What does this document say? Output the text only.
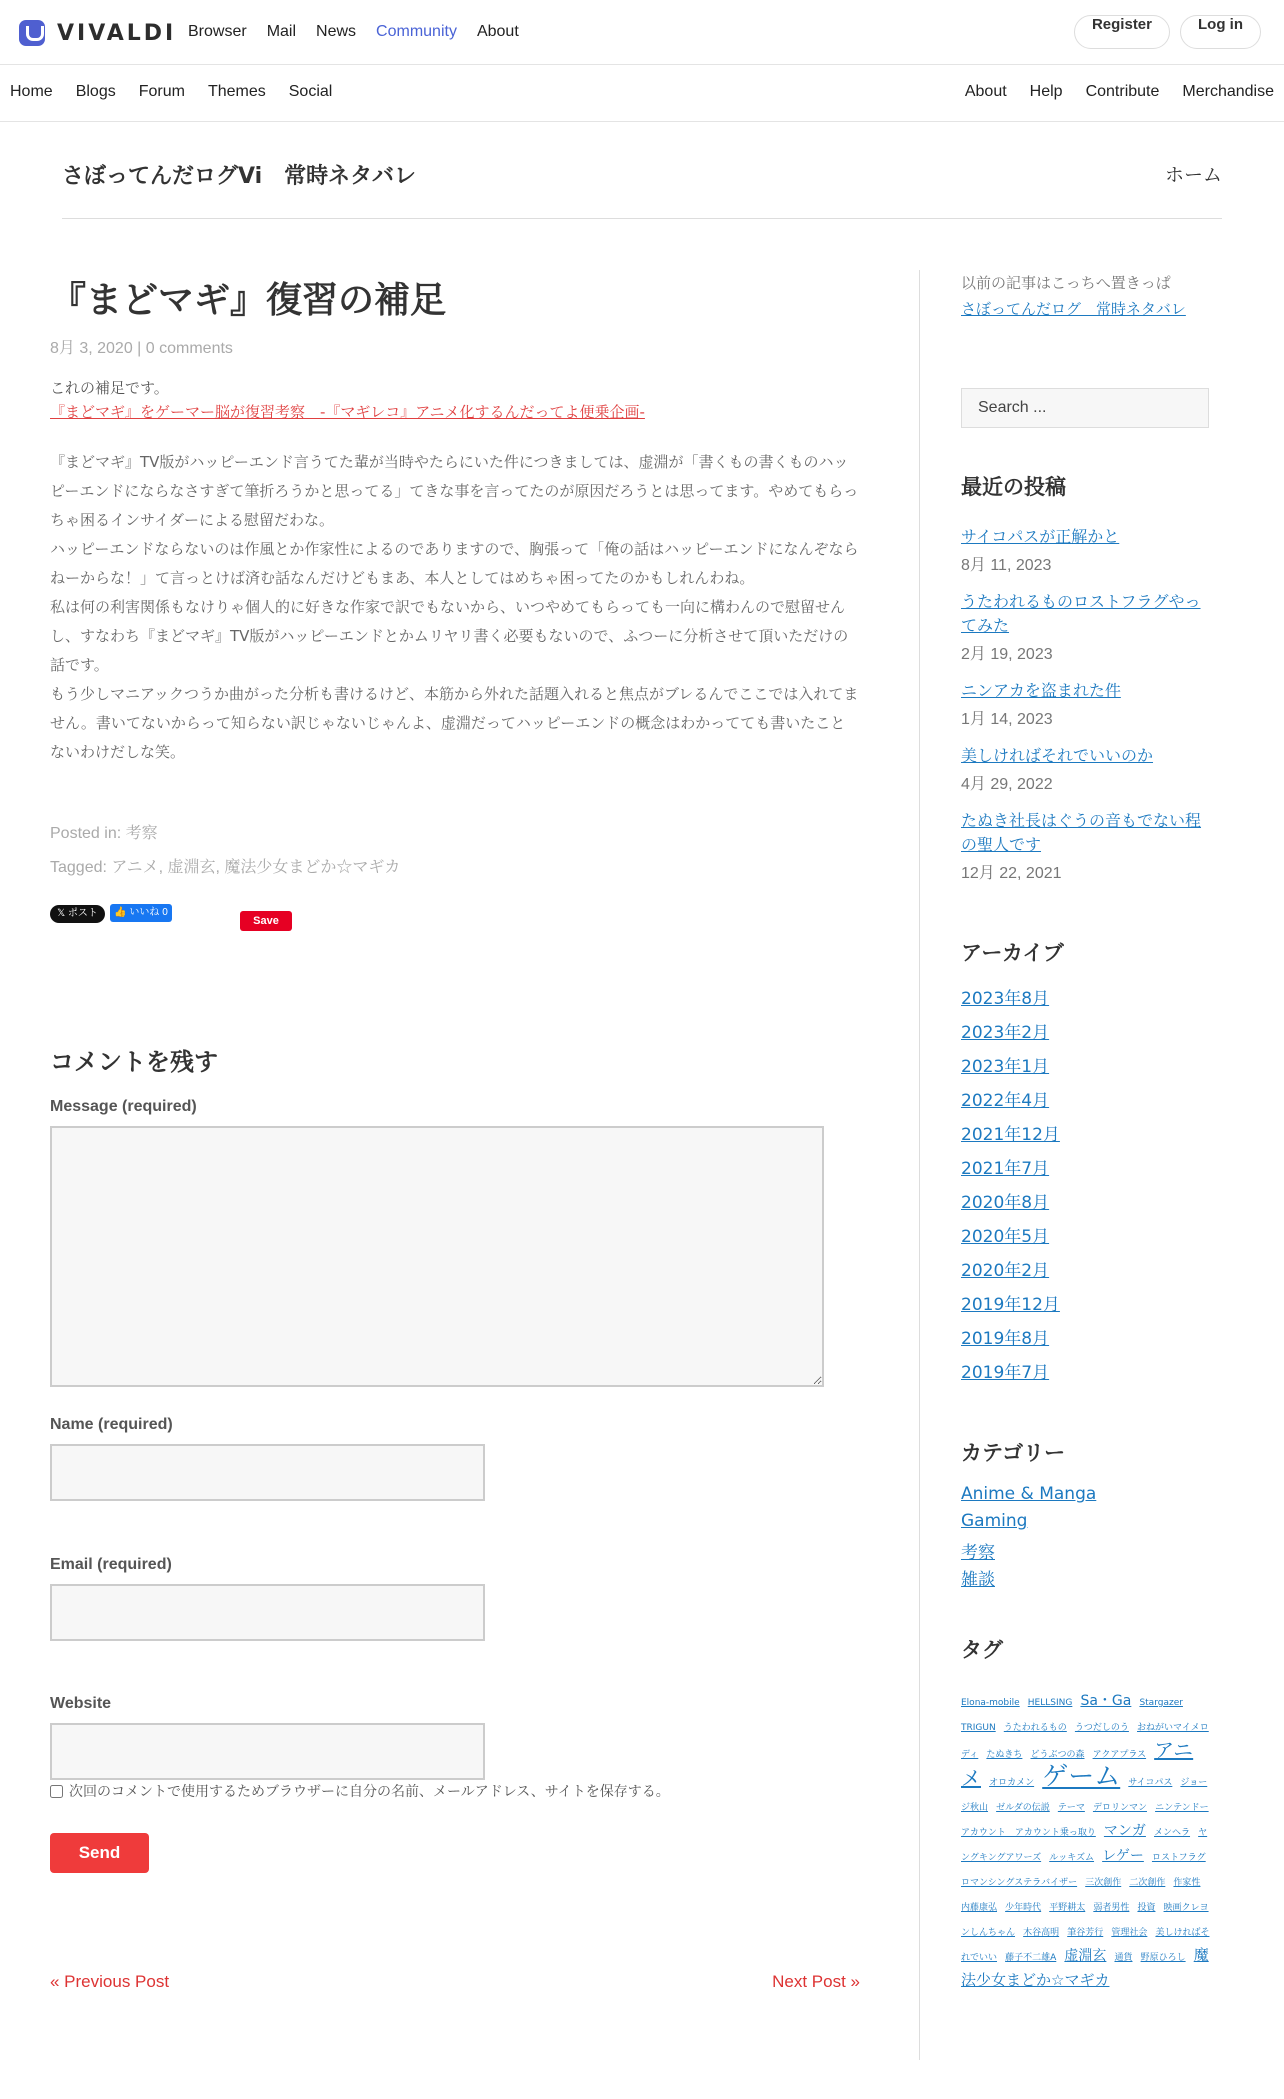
VIVALDI Browser Mail News Community About	Register	Log in
Home Blogs Forum Themes Social	About Help Contribute Merchandise
さぼってんだログVi　常時ネタバレ	ホーム
『まどマギ』復習の補足
8月 3, 2020 | 0 comments
これの補足です。
『まどマギ』をゲーマー脳が復習考察　-『マギレコ』アニメ化するんだってよ便乗企画-

『まどマギ』TV版がハッピーエンド言うてた輩が当時やたらにいた件につきましては、虚淵が「書くもの書くものハッピーエンドにならなさすぎて筆折ろうかと思ってる」てきな事を言ってたのが原因だろうとは思ってます。やめてもらっちゃ困るインサイダーによる慰留だわな。

ハッピーエンドならないのは作風とか作家性によるのでありますので、胸張って「俺の話はハッピーエンドになんぞならねーからな！」て言っとけば済む話なんだけどもまあ、本人としてはめちゃ困ってたのかもしれんわね。

私は何の利害関係もなけりゃ個人的に好きな作家で訳でもないから、いつやめてもらっても一向に構わんので慰留せんし、すなわち『まどマギ』TV版がハッピーエンドとかムリヤリ書く必要もないので、ふつーに分析させて頂いただけの話です。

もう少しマニアックつうか曲がった分析も書けるけど、本筋から外れた話題入れると焦点がブレるんでここでは入れてません。書いてないからって知らない訳じゃないじゃんよ、虚淵だってハッピーエンドの概念はわかってても書いたことないわけだしな笑。

Posted in: 考察
Tagged: アニメ, 虚淵玄, 魔法少女まどか☆マギカ
𝕏 ポスト	👍 いいね 0
Save
コメントを残す
Message (required)
Name (required)
Email (required)
Website
次回のコメントで使用するためブラウザーに自分の名前、メールアドレス、サイトを保存する。
Send
« Previous Post	Next Post »

以前の記事はこっちへ置きっぱ
さぼってんだログ　常時ネタバレ

Search ...
最近の投稿
サイコパスが正解かと
8月 11, 2023
うたわれるものロストフラグやってみた
2月 19, 2023
ニンアカを盗まれた件
1月 14, 2023
美しければそれでいいのか
4月 29, 2022
たぬき社長はぐうの音もでない程の聖人です
12月 22, 2021
アーカイブ
2023年8月
2023年2月
2023年1月
2022年4月
2021年12月
2021年7月
2020年8月
2020年5月
2020年2月
2019年12月
2019年8月
2019年7月
カテゴリー
Anime & Manga
Gaming
考察
雑談
タグ
Elona-mobile HELLSING Sa・Ga Stargazer TRIGUN うたわれるもの うつだしのう おねがいマイメロディ たぬきち どうぶつの森 アクアプラス アニメ オロカメン ゲーム サイコパス ジョージ秋山 ゼルダの伝説 テーマ デロリンマン ニンテンドーアカウント　アカウント乗っ取り マンガ メンヘラ ヤングキングアワーズ ルッキズム レゲー ロストフラグ ロマンシングステラバイザー 三次創作 二次創作 作家性 内藤康弘 少年時代 平野耕太 弱者男性 投資 映画クレヨンしんちゃん 木谷高明 筆谷芳行 管理社会 美しければそれでいい 藤子不二雄A 虚淵玄 通貨 野原ひろし 魔法少女まどか☆マギカ
